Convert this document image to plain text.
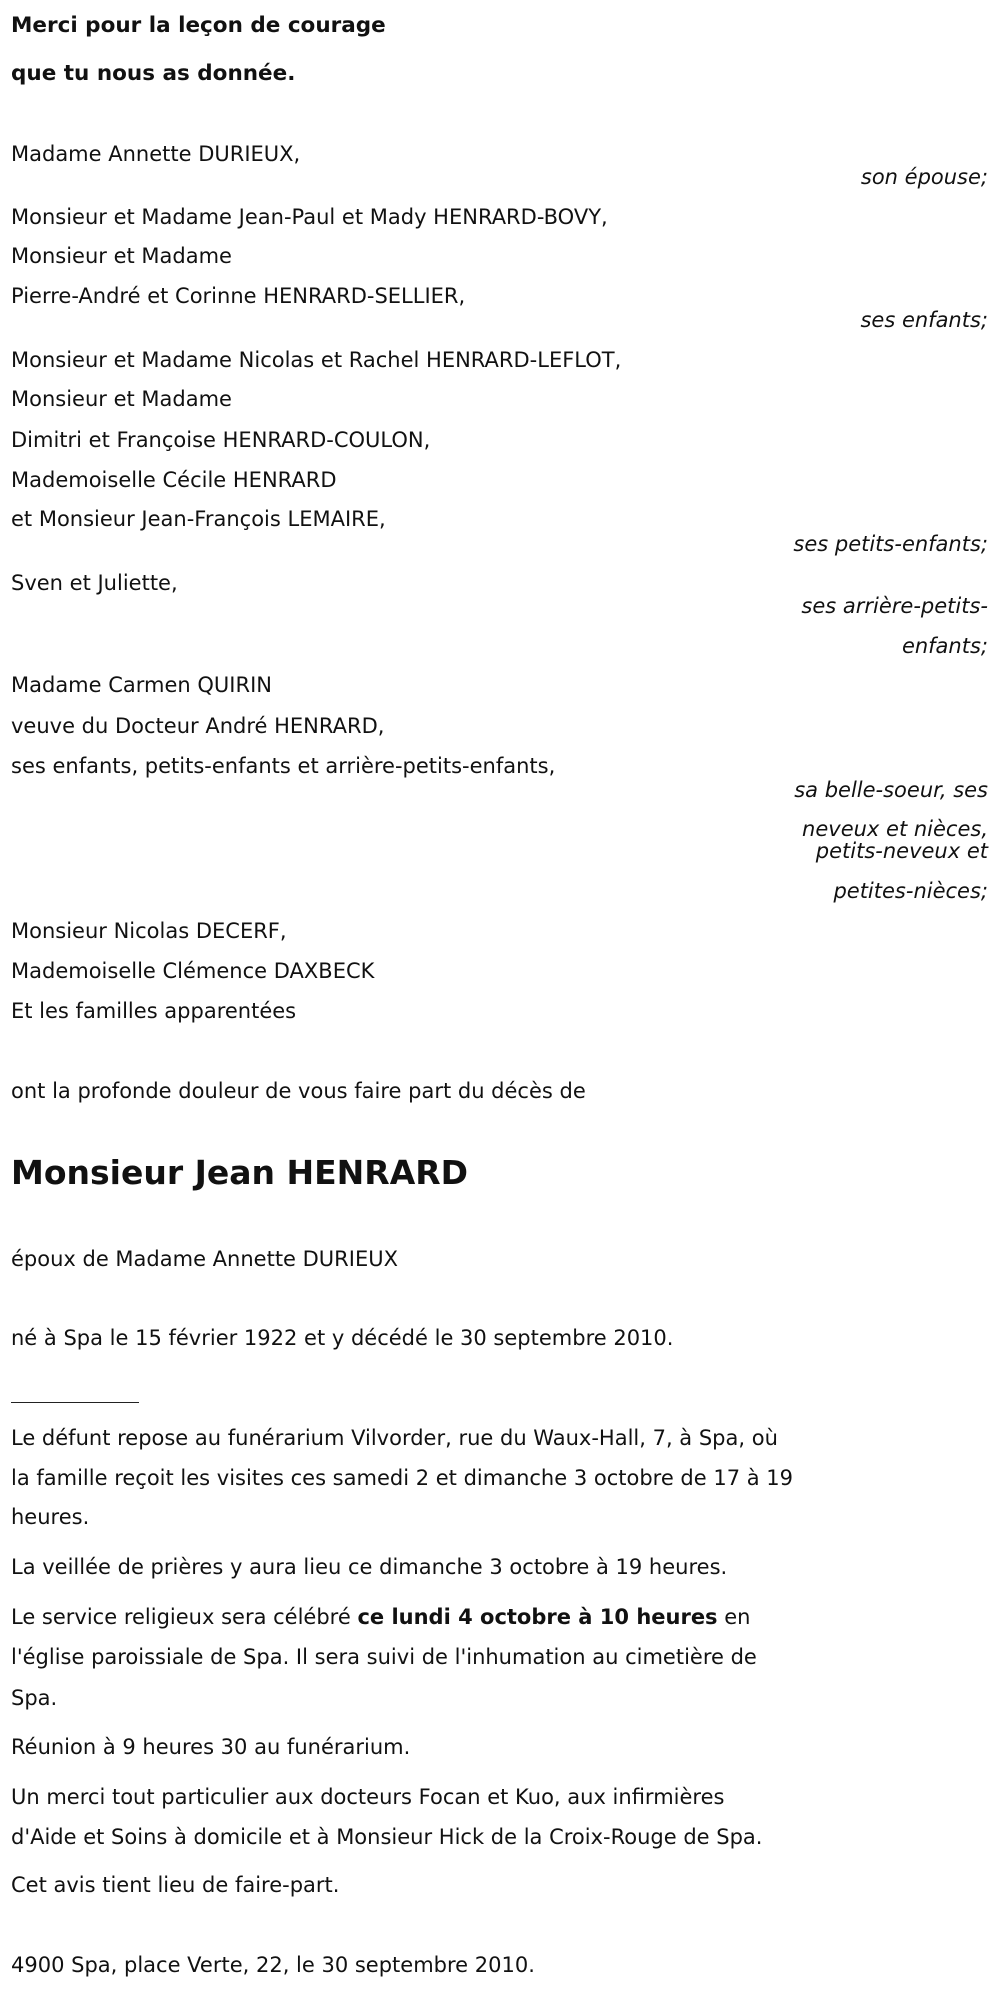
Merci pour la leçon de courage
que tu nous as donnée.
Madame Annette DURIEUX,
son épouse;
Monsieur et Madame Jean-Paul et Mady HENRARD-BOVY,
Monsieur et Madame
Pierre-André et Corinne HENRARD-SELLIER,
ses enfants;
Monsieur et Madame Nicolas et Rachel HENRARD-LEFLOT,
Monsieur et Madame
Dimitri et Françoise HENRARD-COULON,
Mademoiselle Cécile HENRARD
et Monsieur Jean-François LEMAIRE,
ses petits-enfants;
Sven et Juliette,
ses arrière-petits-
enfants;
Madame Carmen QUIRIN
veuve du Docteur André HENRARD,
ses enfants, petits-enfants et arrière-petits-enfants,
sa belle-soeur, ses
neveux et nièces,
petits-neveux et
petites-nièces;
Monsieur Nicolas DECERF,
Mademoiselle Clémence DAXBECK
Et les familles apparentées
ont la profonde douleur de vous faire part du décès de
Monsieur Jean HENRARD
époux de Madame Annette DURIEUX
né à Spa le 15 février 1922 et y décédé le 30 septembre 2010.
Le défunt repose au funérarium Vilvorder, rue du Waux-Hall, 7, à Spa, où
la famille reçoit les visites ces samedi 2 et dimanche 3 octobre de 17 à 19
heures.
La veillée de prières y aura lieu ce dimanche 3 octobre à 19 heures.
Le service religieux sera célébré ce lundi 4 octobre à 10 heures en
l'église paroissiale de Spa. Il sera suivi de l'inhumation au cimetière de
Spa.
Réunion à 9 heures 30 au funérarium.
Un merci tout particulier aux docteurs Focan et Kuo, aux infirmières
d'Aide et Soins à domicile et à Monsieur Hick de la Croix-Rouge de Spa.
Cet avis tient lieu de faire-part.
4900 Spa, place Verte, 22, le 30 septembre 2010.
